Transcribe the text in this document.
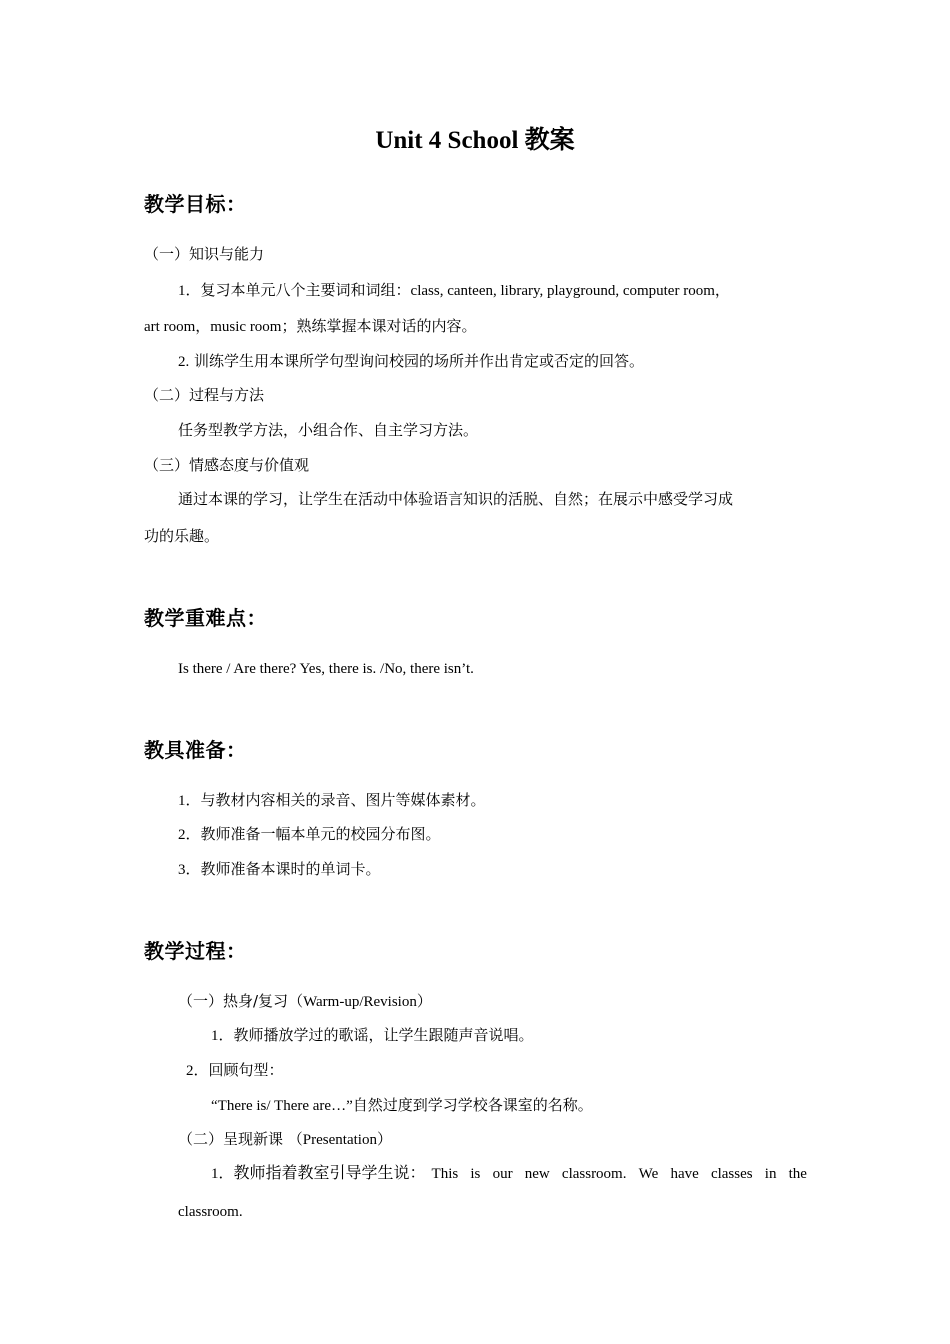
Unit 4 School 教案
教学目标：
（一）知识与能力
1．复习本单元八个主要词和词组：class, canteen, library, playground, computer room，
art room，music room；熟练掌握本课对话的内容。
2. 训练学生用本课所学句型询问校园的场所并作出肯定或否定的回答。
（二）过程与方法
任务型教学方法，小组合作、自主学习方法。
（三）情感态度与价值观
通过本课的学习，让学生在活动中体验语言知识的活脱、自然；在展示中感受学习成
功的乐趣。
教学重难点：
Is there / Are there? Yes, there is. /No, there isn’t.
教具准备：
1．与教材内容相关的录音、图片等媒体素材。
2．教师准备一幅本单元的校园分布图。
3．教师准备本课时的单词卡。
教学过程：
（一）热身/复习（Warm-up/Revision）
1．教师播放学过的歌谣，让学生跟随声音说唱。
2．回顾句型：
“There is/ There are…”自然过度到学习学校各课室的名称。
（二）呈现新课 （Presentation）
1． 教师指着教室引导学生说： This is our new classroom. We have classes in the
classroom.
